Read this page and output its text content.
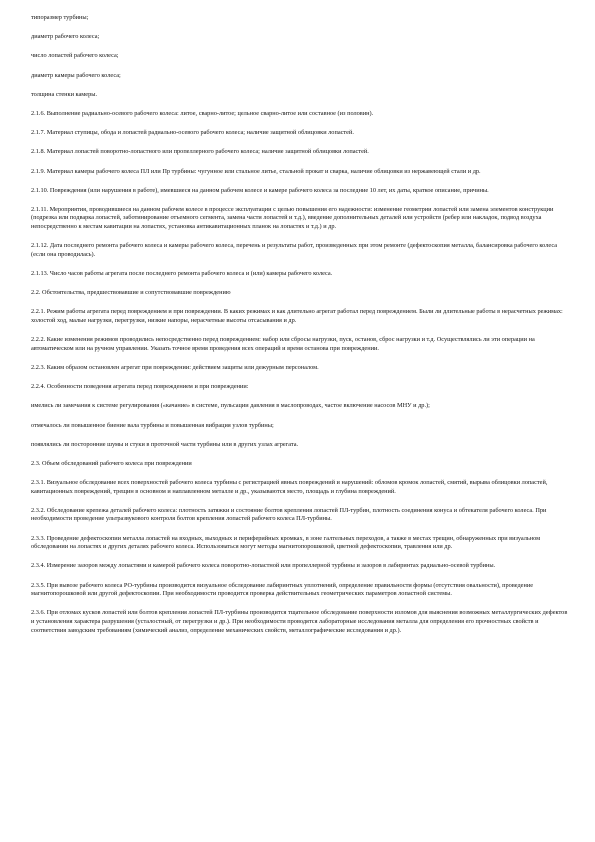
типоразмер турбины;

диаметр рабочего колеса;

число лопастей рабочего колеса;

диаметр камеры рабочего колеса;

толщина стенки камеры.

2.1.6. Выполнение радиально-осевого рабочего колеса: литое, сварно-литое; цельное сварно-литое или составное (из половин).

2.1.7. Материал ступицы, обода и лопастей радиально-осевого рабочего колеса; наличие защитной облицовки лопастей.

2.1.8. Материал лопастей поворотно-лопастного или пропеллерного рабочего колеса; наличие защитной облицовки лопастей.

2.1.9. Материал камеры рабочего колеса ПЛ или Пр турбины: чугунное или стальное литье, стальной прокат и сварка, наличие облицовки из нержавеющей стали и др.

2.1.10. Повреждения (или нарушения в работе), имевшиеся на данном рабочем колесе и камере рабочего колеса за последние 10 лет, их даты, краткое описание, причины.

2.1.11. Мероприятия, проводившиеся на данном рабочем колесе в процессе эксплуатации с целью повышения его надежности: изменение геометрии лопастей или замена элементов конструкции (подрезка или подварка лопастей, заботинирование отъемного сегмента, замена части лопастей и т.д.), введение дополнительных деталей или устройств (ребер или накладок, подвод воздуха непосредственно к местам кавитации на лопастях, установка антикавитационных планок на лопастях и т.д.) и др.

2.1.12. Дата последнего ремонта рабочего колеса и камеры рабочего колеса, перечень и результаты работ, произведенных при этом ремонте (дефектоскопия металла, балансировка рабочего колеса (если она проводилась).

2.1.13. Число часов работы агрегата после последнего ремонта рабочего колеса и (или) камеры рабочего колеса.

2.2. Обстоятельства, предшествовавшие и сопутствовавшие повреждению

2.2.1. Режим работы агрегата перед повреждением и при повреждении. В каких режимах и как длительно агрегат работал перед повреждением. Были ли длительные работы в нерасчетных режимах: холостой ход, малые нагрузки, перегрузки, низкие напоры, нерасчетные высоты отсасывания и др.

2.2.2. Какие изменения режимов проводились непосредственно перед повреждением: набор или сбросы нагрузки, пуск, останов, сброс нагрузки и т.д. Осуществлялись ли эти операции на автоматическом или на ручном управлении. Указать точное время проведения всех операций и время останова при повреждении.

2.2.3. Каким образом остановлен агрегат при повреждении: действием защиты или дежурным персоналом.

2.2.4. Особенности поведения агрегата перед повреждением и при повреждении:

имелись ли замечания к системе регулирования («качание» в системе, пульсации давления в маслопроводах, частое включение насосов МНУ и др.);

отмечалось ли повышенное биение вала турбины и повышенная вибрация узлов турбины;

появлялись ли посторонние шумы и стуки в проточной части турбины или в других узлах агрегата.

2.3. Объем обследований рабочего колеса при повреждении

2.3.1. Визуальное обследование всех поверхностей рабочего колеса турбины с регистрацией явных повреждений и нарушений: обломов кромок лопастей, смятий, вырыва облицовки лопастей, кавитационных повреждений, трещин в основном и наплавленном металле и др., указываются место, площадь и глубина повреждений.

2.3.2. Обследование крепежа деталей рабочего колеса: плотность затяжки и состояние болтов крепления лопастей ПЛ-турбин, плотность соединения конуса и обтекателя рабочего колеса. При необходимости проведение ультразвукового контроля болтов крепления лопастей рабочего колеса ПЛ-турбины.

2.3.3. Проведение дефектоскопии металла лопастей на входных, выходных и периферийных кромках, в зоне галтельных переходов, а также в местах трещин, обнаруженных при визуальном обследовании на лопастях и других деталях рабочего колеса. Использоваться могут методы магнитопорошковой, цветной дефектоскопии, травления или др.

2.3.4. Измерение зазоров между лопастями и камерой рабочего колеса поворотно-лопастной или пропеллерной турбины и зазоров в лабиринтах радиально-осевой турбины.

2.3.5. При вывозе рабочего колеса РО-турбины производится визуальное обследование лабиринтных уплотнений, определение правильности формы (отсутствия овальности), проведение магнитопорошковой или другой дефектоскопии. При необходимости проводится проверка действительных геометрических параметров лопастной системы.

2.3.6. При отломах кусков лопастей или болтов крепления лопастей ПЛ-турбины производится тщательное обследование поверхности изломов для выяснения возможных металлургических дефектов и установления характера разрушения (усталостный, от перегрузки и др.). При необходимости проводятся лабораторные исследования металла для определения его прочностных свойств и соответствия заводским требованиям (химический анализ, определение механических свойств, металлографические исследования и др.).
